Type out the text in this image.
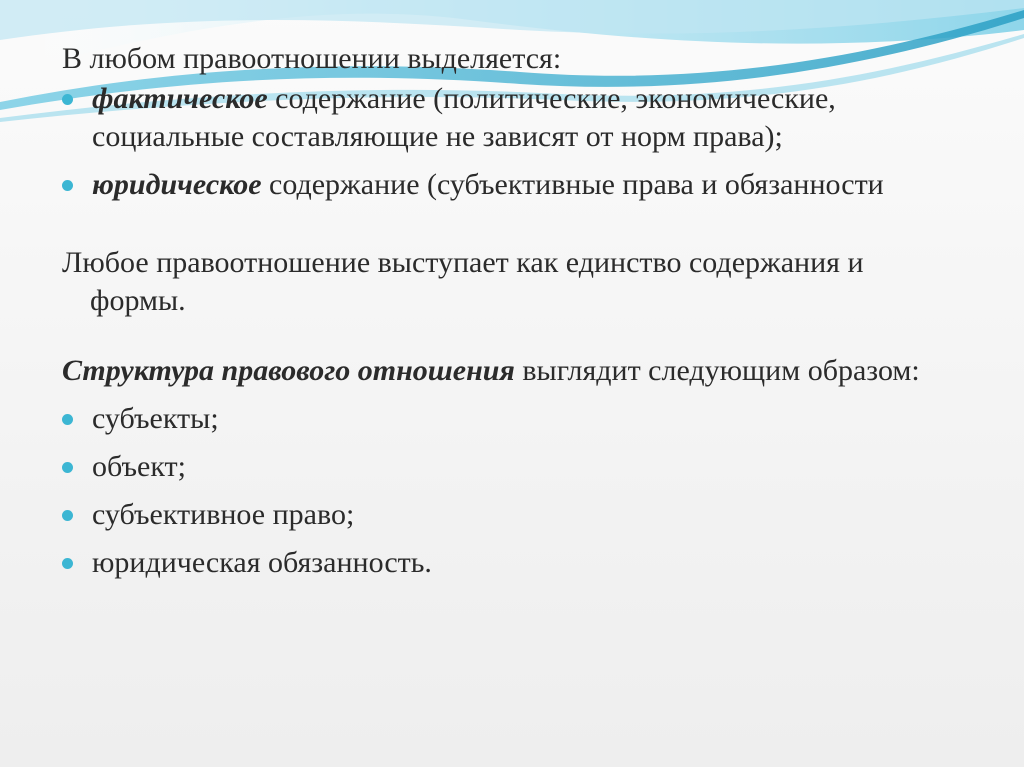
В любом правоотношении выделяется:

фактическое содержание (политические, экономические, социальные составляющие не зависят от норм права);

юридическое содержание (субъективные права и обязанности

Любое правоотношение выступает как единство содержания и формы.

Структура правового отношения выглядит следующим образом:

субъекты;

объект;

субъективное право;

юридическая обязанность.
